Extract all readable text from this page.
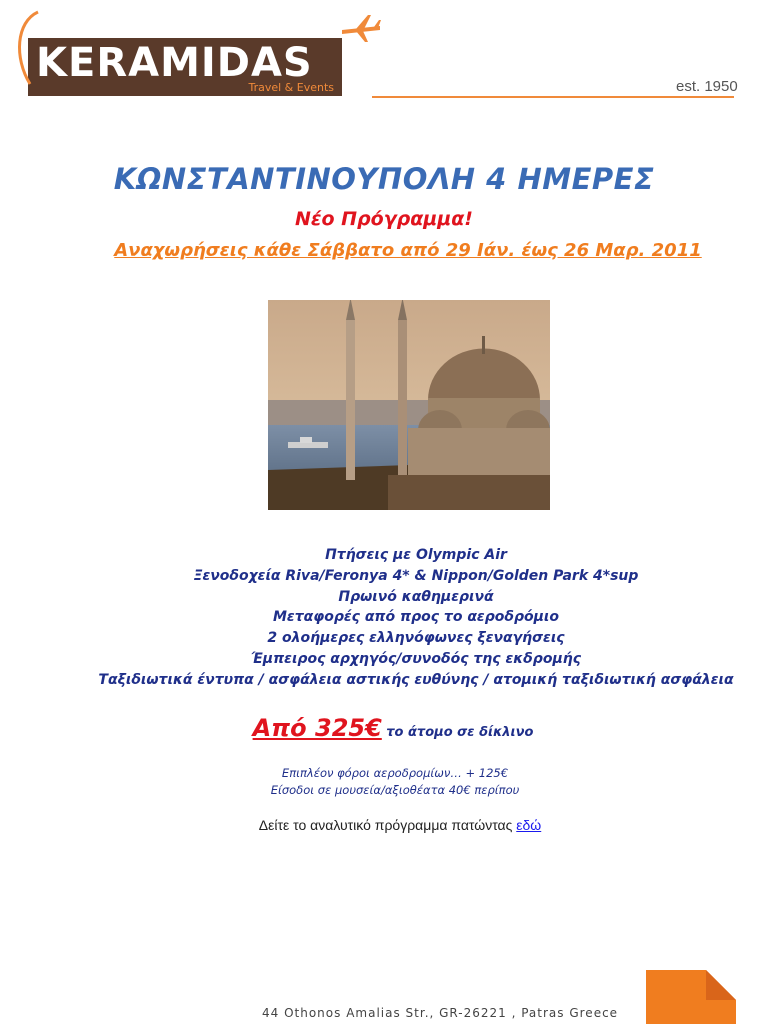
KERAMIDAS
Travel & Events	est. 1950
ΚΩΝΣΤΑΝΤΙΝΟΥΠΟΛΗ 4 ΗΜΕΡΕΣ
Νέο Πρόγραμμα!
Αναχωρήσεις κάθε Σάββατο από 29 Ιάν. έως 26 Μαρ. 2011
Πτήσεις με Olympic Air
Ξενοδοχεία Riva/Feronya 4* & Nippon/Golden Park 4*sup
Πρωινό καθημερινά
Μεταφορές από προς το αεροδρόμιο
2 ολοήμερες ελληνόφωνες ξεναγήσεις
Έμπειρος αρχηγός/συνοδός της εκδρομής
Ταξιδιωτικά έντυπα / ασφάλεια αστικής ευθύνης / ατομική ταξιδιωτική ασφάλεια
Από 325€ το άτομο σε δίκλινο
Επιπλέον φόροι αεροδρομίων… + 125€
Είσοδοι σε μουσεία/αξιοθέατα 40€ περίπου
Δείτε το αναλυτικό πρόγραμμα πατώντας εδώ
44 Othonos Amalias Str., GR-26221 , Patras Greece
